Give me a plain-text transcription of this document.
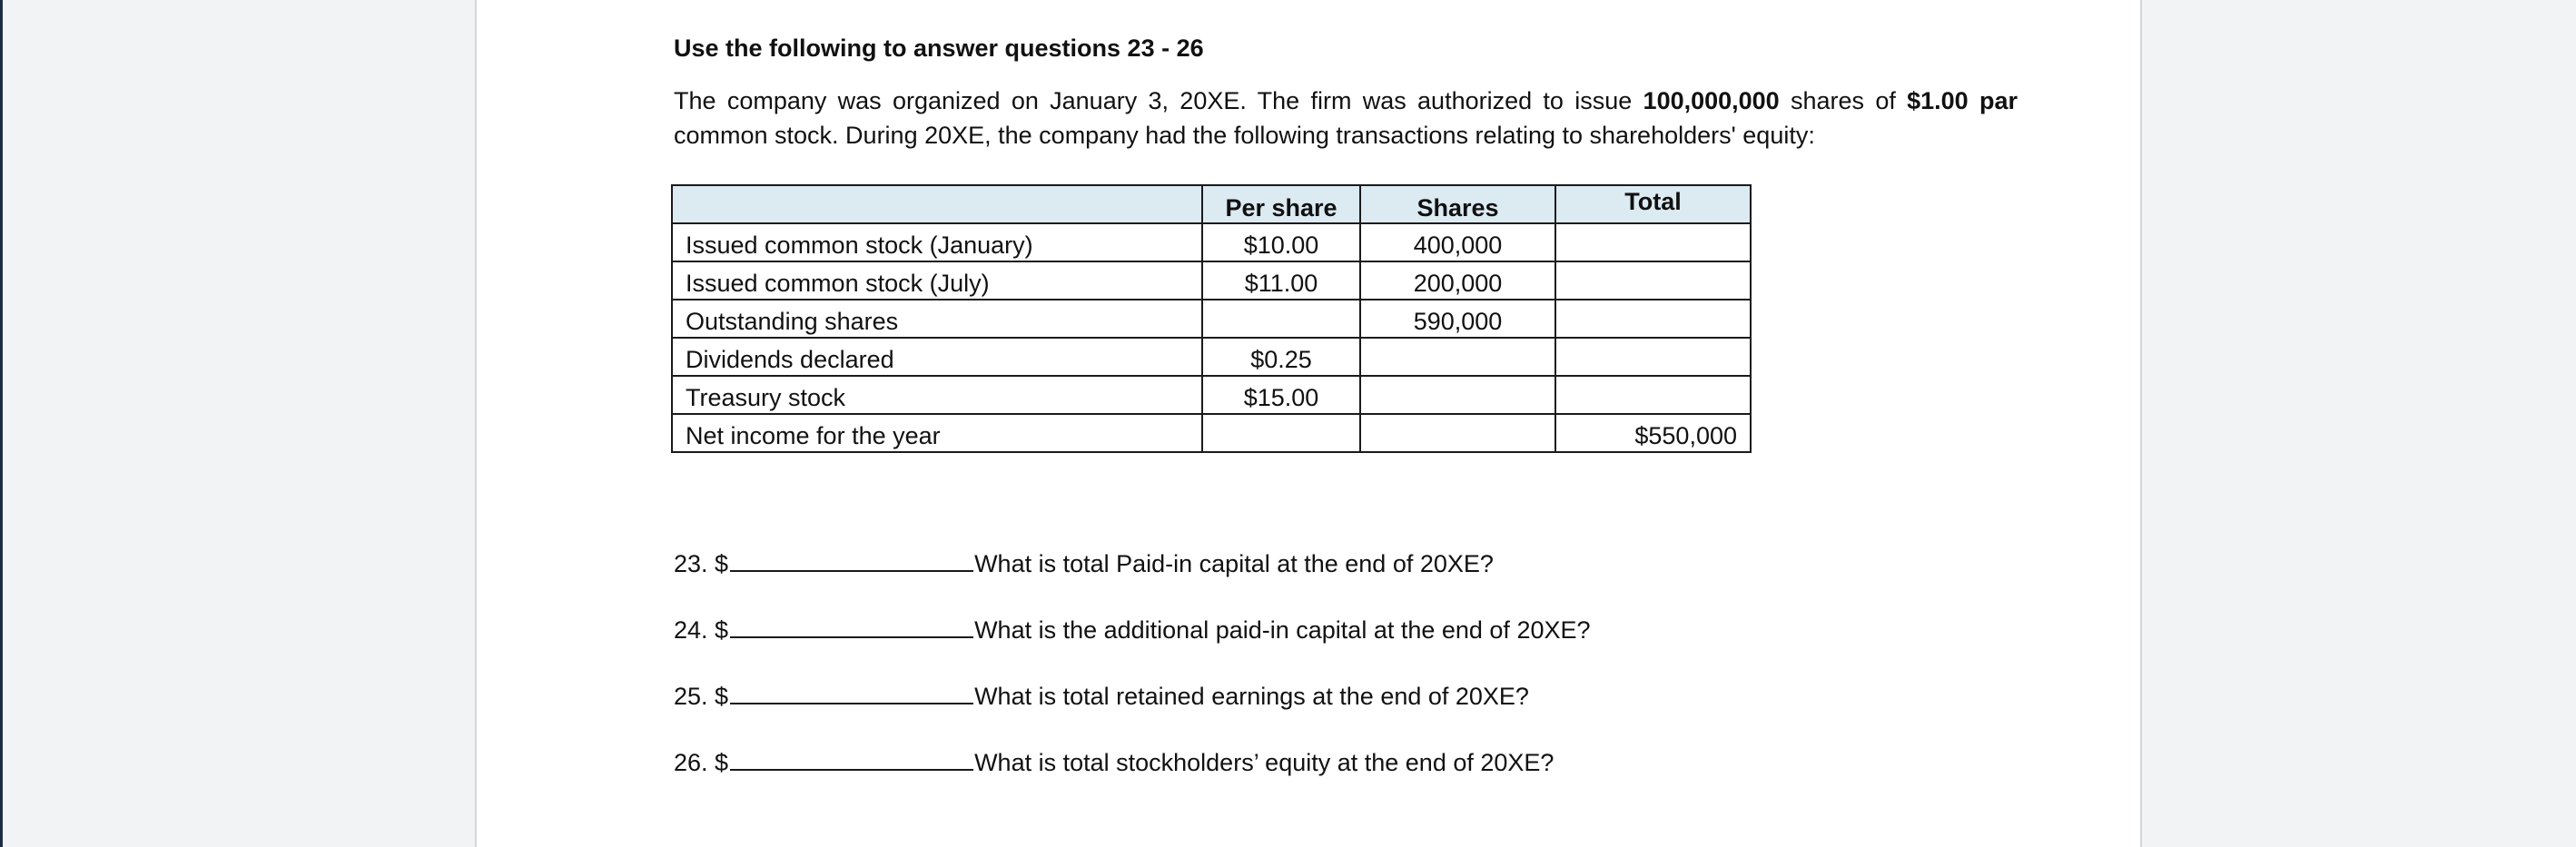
Use the following to answer questions 23 - 26
The company was organized on January 3, 20XE. The firm was authorized to issue 100,000,000 shares of $1.00 par common stock. During 20XE, the company had the following transactions relating to shareholders' equity:
	Per share	Shares	Total
Issued common stock (January)	$10.00	400,000	
Issued common stock (July)	$11.00	200,000	
Outstanding shares		590,000	
Dividends declared	$0.25		
Treasury stock	$15.00		
Net income for the year			$550,000
23. $	What is total Paid-in capital at the end of 20XE?
24. $	What is the additional paid-in capital at the end of 20XE?
25. $	What is total retained earnings at the end of 20XE?
26. $	What is total stockholders’ equity at the end of 20XE?
